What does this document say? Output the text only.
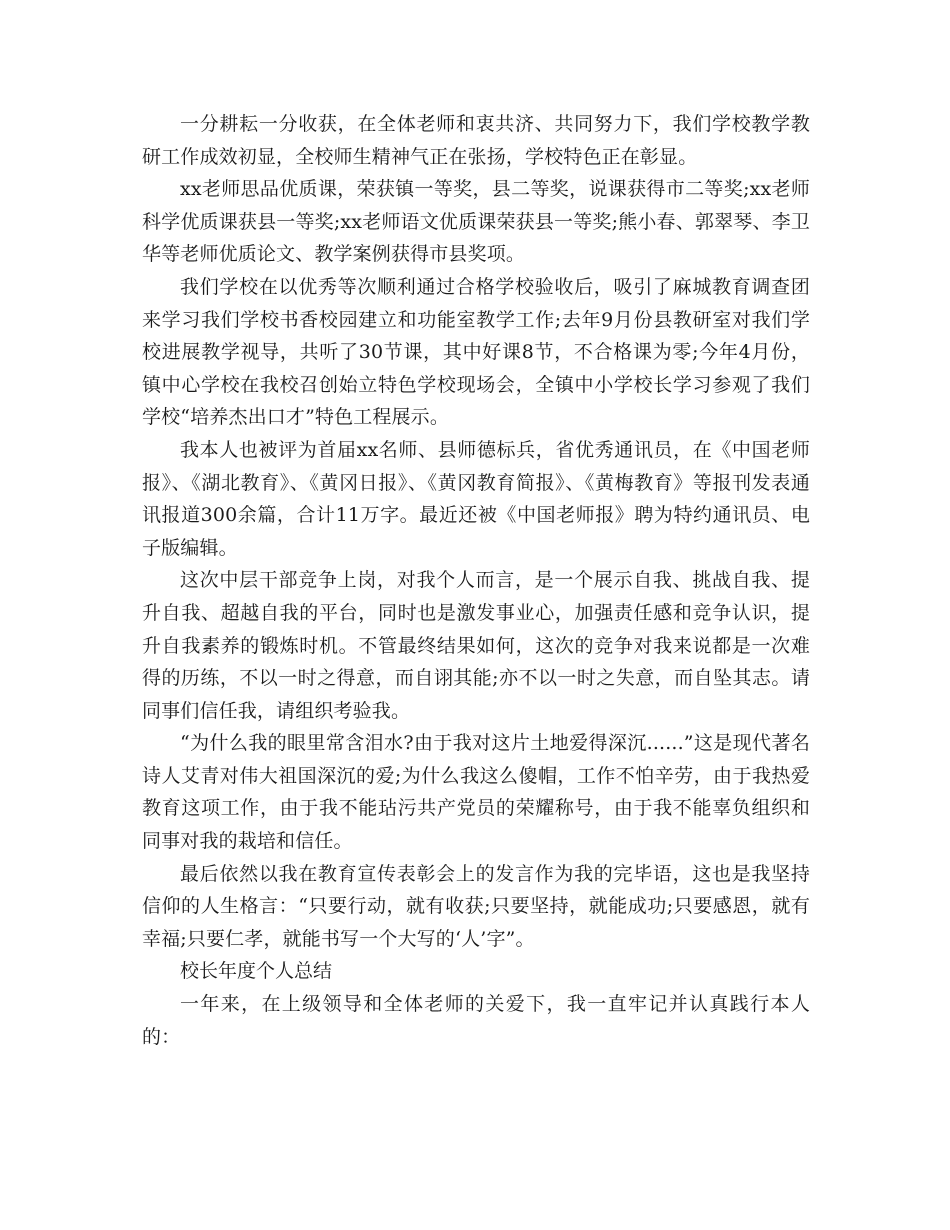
一分耕耘一分收获，在全体老师和衷共济、共同努力下，我们学校教学教研工作成效初显，全校师生精神气正在张扬，学校特色正在彰显。

xx老师思品优质课，荣获镇一等奖，县二等奖，说课获得市二等奖;xx老师科学优质课获县一等奖;xx老师语文优质课荣获县一等奖;熊小春、郭翠琴、李卫华等老师优质论文、教学案例获得市县奖项。

我们学校在以优秀等次顺利通过合格学校验收后，吸引了麻城教育调查团来学习我们学校书香校园建立和功能室教学工作;去年9月份县教研室对我们学校进展教学视导，共听了30节课，其中好课8节，不合格课为零;今年4月份，镇中心学校在我校召创始立特色学校现场会，全镇中小学校长学习参观了我们学校“培养杰出口才”特色工程展示。

我本人也被评为首届xx名师、县师德标兵，省优秀通讯员，在《中国老师报》、《湖北教育》、《黄冈日报》、《黄冈教育简报》、《黄梅教育》等报刊发表通讯报道300余篇，合计11万字。最近还被《中国老师报》聘为特约通讯员、电子版编辑。

这次中层干部竞争上岗，对我个人而言，是一个展示自我、挑战自我、提升自我、超越自我的平台，同时也是激发事业心，加强责任感和竞争认识，提升自我素养的锻炼时机。不管最终结果如何，这次的竞争对我来说都是一次难得的历练，不以一时之得意，而自诩其能;亦不以一时之失意，而自坠其志。请同事们信任我，请组织考验我。

“为什么我的眼里常含泪水?由于我对这片土地爱得深沉......”这是现代著名诗人艾青对伟大祖国深沉的爱;为什么我这么傻帽，工作不怕辛劳，由于我热爱教育这项工作，由于我不能玷污共产党员的荣耀称号，由于我不能辜负组织和同事对我的栽培和信任。

最后依然以我在教育宣传表彰会上的发言作为我的完毕语，这也是我坚持信仰的人生格言：“只要行动，就有收获;只要坚持，就能成功;只要感恩，就有幸福;只要仁孝，就能书写一个大写的‘人’字”。

校长年度个人总结

一年来，在上级领导和全体老师的关爱下，我一直牢记并认真践行本人的：
